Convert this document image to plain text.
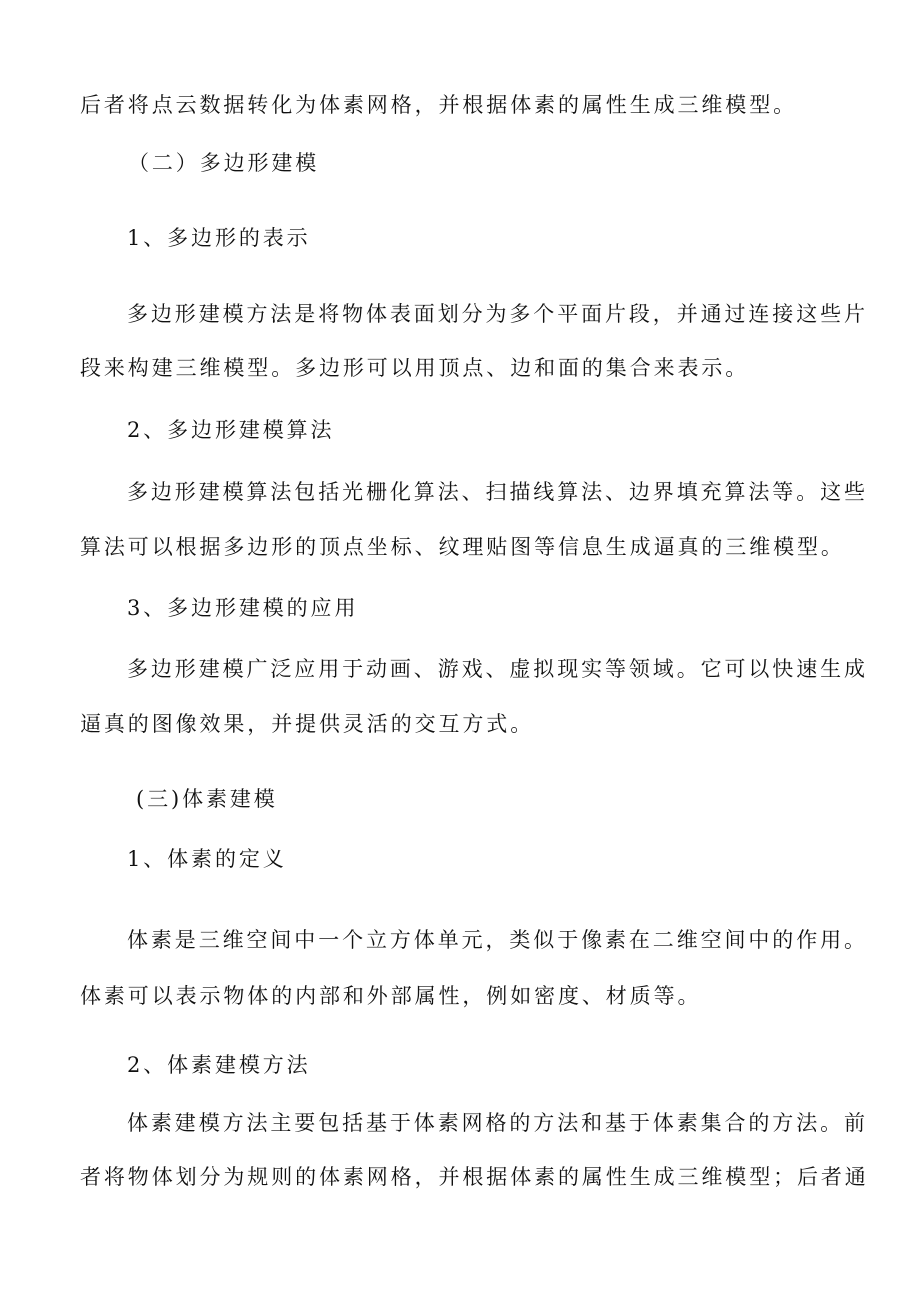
后者将点云数据转化为体素网格，并根据体素的属性生成三维模型。
（二）多边形建模
1、多边形的表示
多边形建模方法是将物体表面划分为多个平面片段，并通过连接这些片
段来构建三维模型。多边形可以用顶点、边和面的集合来表示。
2、多边形建模算法
多边形建模算法包括光栅化算法、扫描线算法、边界填充算法等。这些
算法可以根据多边形的顶点坐标、纹理贴图等信息生成逼真的三维模型。
3、多边形建模的应用
多边形建模广泛应用于动画、游戏、虚拟现实等领域。它可以快速生成
逼真的图像效果，并提供灵活的交互方式。
(三)体素建模
1、体素的定义
体素是三维空间中一个立方体单元，类似于像素在二维空间中的作用。
体素可以表示物体的内部和外部属性，例如密度、材质等。
2、体素建模方法
体素建模方法主要包括基于体素网格的方法和基于体素集合的方法。前
者将物体划分为规则的体素网格，并根据体素的属性生成三维模型；后者通
